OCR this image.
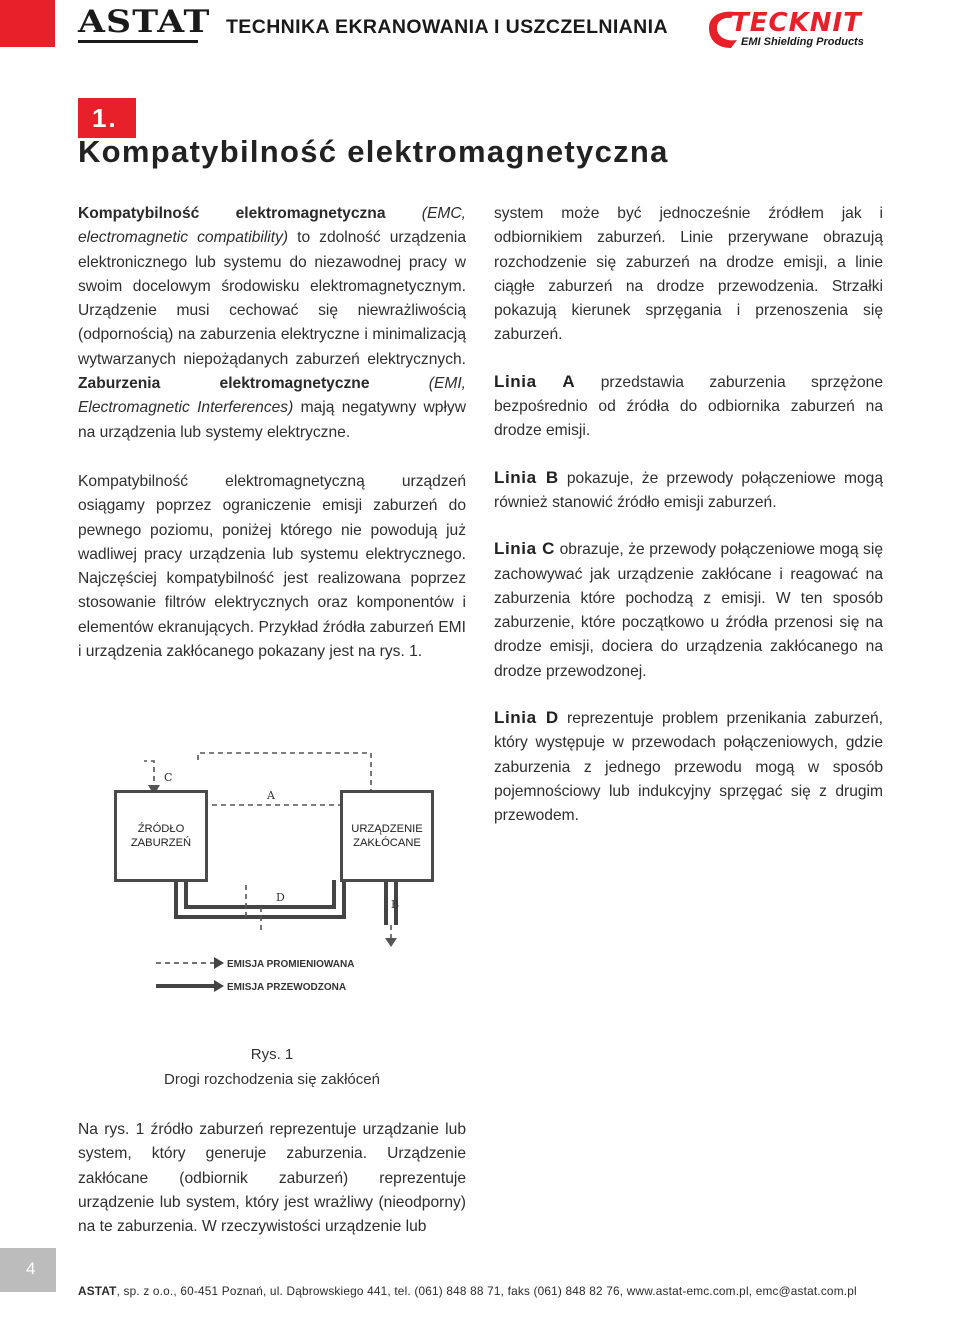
ASTAT TECHNIKA EKRANOWANIA I USZCZELNIANIA TECKNIT
EMI Shielding Products
1.
Kompatybilność elektromagnetyczna

Kompatybilność elektromagnetyczna (EMC, electromagnetic compatibility) to zdolność urządzenia elektronicznego lub systemu do niezawodnej pracy w swoim docelowym środowisku elektromagnetycznym. Urządzenie musi cechować się niewrażliwością (odpornością) na zaburzenia elektryczne i minimalizacją wytwarzanych niepożądanych zaburzeń elektrycznych. Zaburzenia elektromagnetyczne	(EMI, Electromagnetic Interferences) mają negatywny wpływ na urządzenia lub systemy elektryczne.

Kompatybilność elektromagnetyczną urządzeń osiągamy poprzez ograniczenie emisji zaburzeń do pewnego poziomu, poniżej którego nie powodują już wadliwej pracy urządzenia lub systemu elektrycznego. Najczęściej kompatybilność jest realizowana poprzez stosowanie filtrów elektrycznych oraz komponentów i elementów ekranujących. Przykład źródła zaburzeń EMI i urządzenia zakłócanego pokazany jest na rys. 1.

C
A
D
B
EMISJA PROMIENIOWANA
EMISJA PRZEWODZONA
ŹRÓDŁO ZABURZEŃ
URZĄDZENIE ZAKŁÓCANE
Rys. 1
Drogi rozchodzenia się zakłóceń

Na rys. 1 źródło zaburzeń reprezentuje urządzanie lub system, który generuje zaburzenia. Urządzenie zakłócane (odbiornik zaburzeń) reprezentuje urządzenie lub system, który jest wrażliwy (nieodporny) na te zaburzenia. W rzeczywistości urządzenie lub

system może być jednocześnie źródłem jak i odbiornikiem zaburzeń. Linie przerywane obrazują rozchodzenie się zaburzeń na drodze emisji, a linie ciągłe zaburzeń na drodze przewodzenia. Strzałki pokazują kierunek sprzęgania i przenoszenia się zaburzeń.

Linia A przedstawia zaburzenia sprzężone bezpośrednio od źródła do odbiornika zaburzeń na drodze emisji.

Linia B pokazuje, że przewody połączeniowe mogą również stanowić źródło emisji zaburzeń.

Linia C obrazuje, że przewody połączeniowe mogą się zachowywać jak urządzenie zakłócane i reagować na zaburzenia które pochodzą z emisji. W ten sposób zaburzenie, które początkowo u źródła przenosi się na drodze emisji, dociera do urządzenia zakłócanego na drodze przewodzonej.

Linia D reprezentuje problem przenikania zaburzeń, który występuje w przewodach połączeniowych, gdzie zaburzenia z jednego przewodu mogą w sposób pojemnościowy lub indukcyjny sprzęgać się z drugim przewodem.

4
ASTAT, sp. z o.o., 60-451 Poznań, ul. Dąbrowskiego 441, tel. (061) 848 88 71, faks (061) 848 82 76, www.astat-emc.com.pl, emc@astat.com.pl
